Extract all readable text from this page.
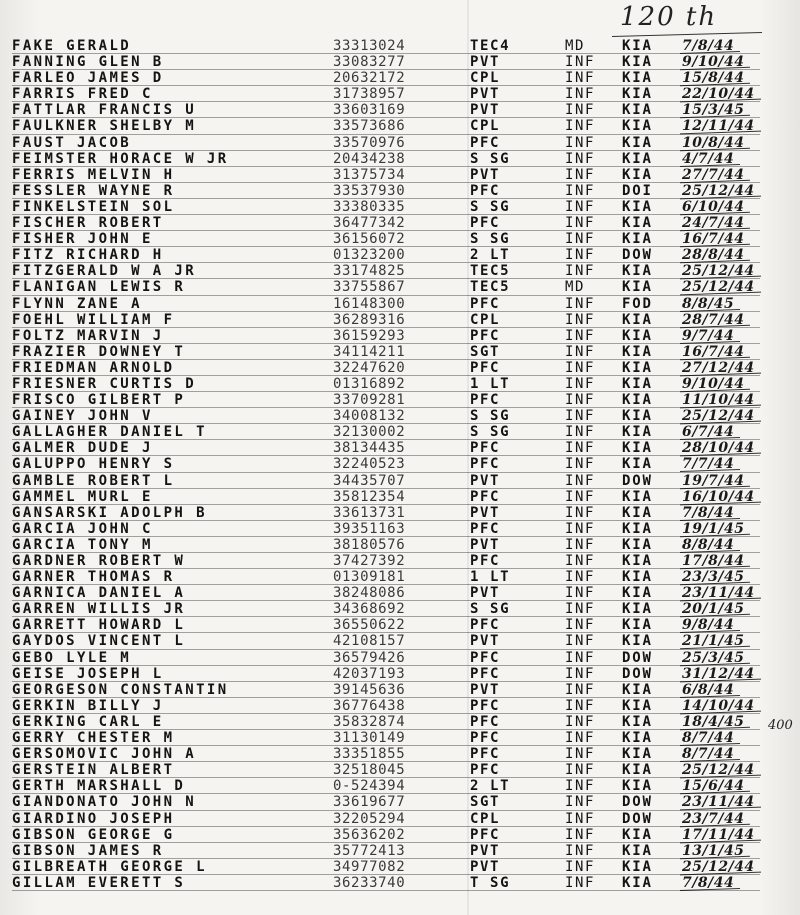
120 th
400
FAKE GERALD	33313024	TEC4	MD	KIA 7/8/44
FANNING GLEN B	33083277	PVT	INF KIA 9/10/44
FARLEO JAMES D	20632172	CPL	INF KIA 15/8/44
FARRIS FRED C	31738957	PVT	INF KIA 22/10/44
FATTLAR FRANCIS U	33603169	PVT	INF KIA 15/3/45
FAULKNER SHELBY M	33573686	CPL	INF KIA 12/11/44
FAUST JACOB	33570976	PFC	INF KIA 10/8/44
FEIMSTER HORACE W JR	20434238	S SG	INF KIA 4/7/44
FERRIS MELVIN H	31375734	PVT	INF KIA 27/7/44
FESSLER WAYNE R	33537930	PFC	INF DOI 25/12/44
FINKELSTEIN SOL	33380335	S SG	INF KIA 6/10/44
FISCHER ROBERT	36477342	PFC	INF KIA 24/7/44
FISHER JOHN E	36156072	S SG	INF KIA 16/7/44
FITZ RICHARD H	01323200	2 LT	INF DOW 28/8/44
FITZGERALD W A JR	33174825	TEC5	INF KIA 25/12/44
FLANIGAN LEWIS R	33755867	TEC5	MD	KIA 25/12/44
FLYNN ZANE A	16148300	PFC	INF FOD 8/8/45
FOEHL WILLIAM F	36289316	CPL	INF KIA 28/7/44
FOLTZ MARVIN J	36159293	PFC	INF KIA 9/7/44
FRAZIER DOWNEY T	34114211	SGT	INF KIA 16/7/44
FRIEDMAN ARNOLD	32247620	PFC	INF KIA 27/12/44
FRIESNER CURTIS D	01316892	1 LT	INF KIA 9/10/44
FRISCO GILBERT P	33709281	PFC	INF KIA 11/10/44
GAINEY JOHN V	34008132	S SG	INF KIA 25/12/44
GALLAGHER DANIEL T	32130002	S SG	INF KIA 6/7/44
GALMER DUDE J	38134435	PFC	INF KIA 28/10/44
GALUPPO HENRY S	32240523	PFC	INF KIA 7/7/44
GAMBLE ROBERT L	34435707	PVT	INF DOW 19/7/44
GAMMEL MURL E	35812354	PFC	INF KIA 16/10/44
GANSARSKI ADOLPH B	33613731	PVT	INF KIA 7/8/44
GARCIA JOHN C	39351163	PFC	INF KIA 19/1/45
GARCIA TONY M	38180576	PVT	INF KIA 8/8/44
GARDNER ROBERT W	37427392	PFC	INF KIA 17/8/44
GARNER THOMAS R	01309181	1 LT	INF KIA 23/3/45
GARNICA DANIEL A	38248086	PVT	INF KIA 23/11/44
GARREN WILLIS JR	34368692	S SG	INF KIA 20/1/45
GARRETT HOWARD L	36550622	PFC	INF KIA 9/8/44
GAYDOS VINCENT L	42108157	PVT	INF KIA 21/1/45
GEBO LYLE M	36579426	PFC	INF DOW 25/3/45
GEISE JOSEPH L	42037193	PFC	INF DOW 31/12/44
GEORGESON CONSTANTIN	39145636	PVT	INF KIA 6/8/44
GERKIN BILLY J	36776438	PFC	INF KIA 14/10/44
GERKING CARL E	35832874	PFC	INF KIA 18/4/45
GERRY CHESTER M	31130149	PFC	INF KIA 8/7/44
GERSOMOVIC JOHN A	33351855	PFC	INF KIA 8/7/44
GERSTEIN ALBERT	32518045	PFC	INF KIA 25/12/44
GERTH MARSHALL D	0-524394	2 LT	INF KIA 15/6/44
GIANDONATO JOHN N	33619677	SGT	INF DOW 23/11/44
GIARDINO JOSEPH	32205294	CPL	INF DOW 23/7/44
GIBSON GEORGE G	35636202	PFC	INF KIA 17/11/44
GIBSON JAMES R	35772413	PVT	INF KIA 13/1/45
GILBREATH GEORGE L	34977082	PVT	INF KIA 25/12/44
GILLAM EVERETT S	36233740	T SG	INF KIA 7/8/44
